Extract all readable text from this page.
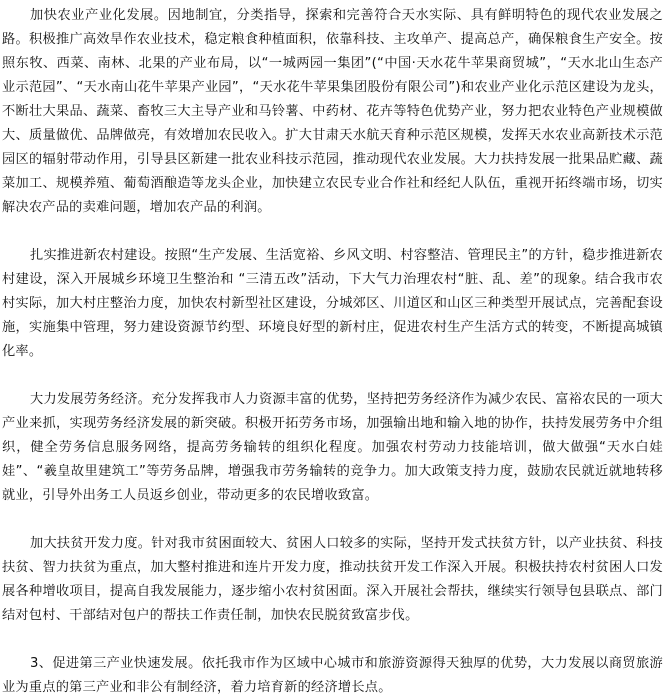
加快农业产业化发展。因地制宜，分类指导，探索和完善符合天水实际、具有鲜明特色的现代农业发展之路。积极推广高效旱作农业技术，稳定粮食种植面积，依靠科技、主攻单产、提高总产，确保粮食生产安全。按照东牧、西菜、南林、北果的产业布局，以“一城两园一集团”(“中国·天水花牛苹果商贸城”，“天水北山生态产业示范园”、“天水南山花牛苹果产业园”，“天水花牛苹果集团股份有限公司”)和农业产业化示范区建设为龙头，不断壮大果品、蔬菜、畜牧三大主导产业和马铃薯、中药材、花卉等特色优势产业，努力把农业特色产业规模做大、质量做优、品牌做亮，有效增加农民收入。扩大甘肃天水航天育种示范区规模，发挥天水农业高新技术示范园区的辐射带动作用，引导县区新建一批农业科技示范园，推动现代农业发展。大力扶持发展一批果品贮藏、蔬菜加工、规模养殖、葡萄酒酿造等龙头企业，加快建立农民专业合作社和经纪人队伍，重视开拓终端市场，切实解决农产品的卖难问题，增加农产品的利润。

扎实推进新农村建设。按照“生产发展、生活宽裕、乡风文明、村容整洁、管理民主”的方针，稳步推进新农村建设，深入开展城乡环境卫生整治和 “三清五改”活动，下大气力治理农村“脏、乱、差”的现象。结合我市农村实际，加大村庄整治力度，加快农村新型社区建设，分城郊区、川道区和山区三种类型开展试点，完善配套设施，实施集中管理，努力建设资源节约型、环境良好型的新村庄，促进农村生产生活方式的转变，不断提高城镇化率。

大力发展劳务经济。充分发挥我市人力资源丰富的优势，坚持把劳务经济作为减少农民、富裕农民的一项大产业来抓，实现劳务经济发展的新突破。积极开拓劳务市场，加强输出地和输入地的协作，扶持发展劳务中介组织，健全劳务信息服务网络，提高劳务输转的组织化程度。加强农村劳动力技能培训，做大做强“天水白娃娃”、“羲皇故里建筑工”等劳务品牌，增强我市劳务输转的竞争力。加大政策支持力度，鼓励农民就近就地转移就业，引导外出务工人员返乡创业，带动更多的农民增收致富。

加大扶贫开发力度。针对我市贫困面较大、贫困人口较多的实际，坚持开发式扶贫方针，以产业扶贫、科技扶贫、智力扶贫为重点，加大整村推进和连片开发力度，推动扶贫开发工作深入开展。积极扶持农村贫困人口发展各种增收项目，提高自我发展能力，逐步缩小农村贫困面。深入开展社会帮扶，继续实行领导包县联点、部门结对包村、干部结对包户的帮扶工作责任制，加快农民脱贫致富步伐。

3、促进第三产业快速发展。依托我市作为区域中心城市和旅游资源得天独厚的优势，大力发展以商贸旅游业为重点的第三产业和非公有制经济，着力培育新的经济增长点。
